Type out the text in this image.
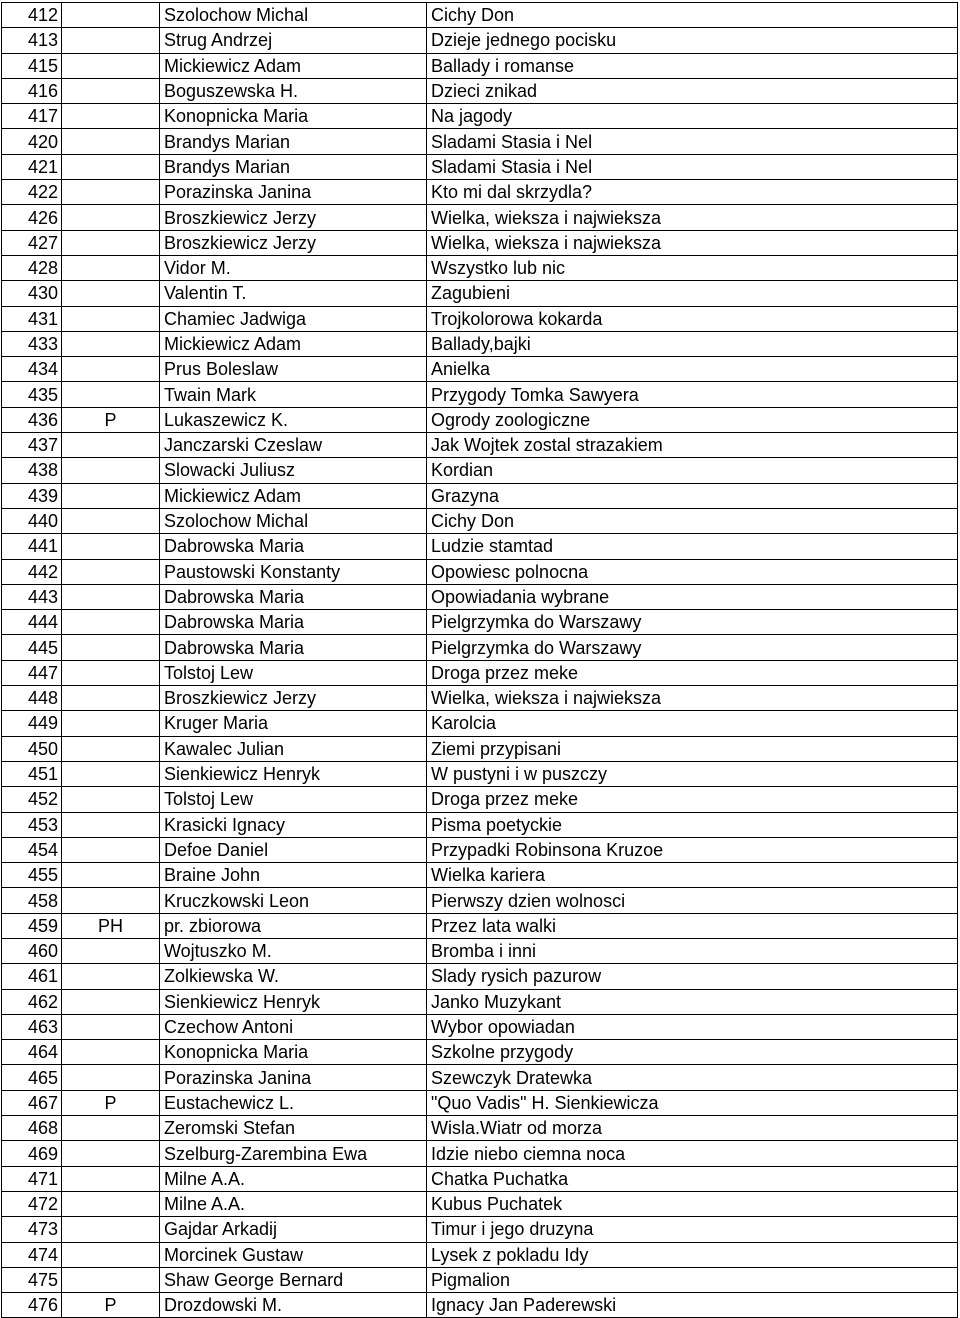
412		Szolochow Michal	Cichy Don
413		Strug Andrzej	Dzieje jednego pocisku
415		Mickiewicz Adam	Ballady i romanse
416		Boguszewska H.	Dzieci znikad
417		Konopnicka Maria	Na jagody
420		Brandys Marian	Sladami Stasia i Nel
421		Brandys Marian	Sladami Stasia i Nel
422		Porazinska Janina	Kto mi dal skrzydla?
426		Broszkiewicz Jerzy	Wielka, wieksza i najwieksza
427		Broszkiewicz Jerzy	Wielka, wieksza i najwieksza
428		Vidor M.	Wszystko lub nic
430		Valentin T.	Zagubieni
431		Chamiec Jadwiga	Trojkolorowa kokarda
433		Mickiewicz Adam	Ballady,bajki
434		Prus Boleslaw	Anielka
435		Twain Mark	Przygody Tomka Sawyera
436	P	Lukaszewicz K.	Ogrody zoologiczne
437		Janczarski Czeslaw	Jak Wojtek zostal strazakiem
438		Slowacki Juliusz	Kordian
439		Mickiewicz Adam	Grazyna
440		Szolochow Michal	Cichy Don
441		Dabrowska Maria	Ludzie stamtad
442		Paustowski Konstanty	Opowiesc polnocna
443		Dabrowska Maria	Opowiadania wybrane
444		Dabrowska Maria	Pielgrzymka do Warszawy
445		Dabrowska Maria	Pielgrzymka do Warszawy
447		Tolstoj Lew	Droga przez meke
448		Broszkiewicz Jerzy	Wielka, wieksza i najwieksza
449		Kruger Maria	Karolcia
450		Kawalec Julian	Ziemi przypisani
451		Sienkiewicz Henryk	W pustyni i w puszczy
452		Tolstoj Lew	Droga przez meke
453		Krasicki Ignacy	Pisma poetyckie
454		Defoe Daniel	Przypadki Robinsona Kruzoe
455		Braine John	Wielka kariera
458		Kruczkowski Leon	Pierwszy dzien wolnosci
459	PH	pr. zbiorowa	Przez lata walki
460		Wojtuszko M.	Bromba i inni
461		Zolkiewska W.	Slady rysich pazurow
462		Sienkiewicz Henryk	Janko Muzykant
463		Czechow Antoni	Wybor opowiadan
464		Konopnicka Maria	Szkolne przygody
465		Porazinska Janina	Szewczyk Dratewka
467	P	Eustachewicz L.	"Quo Vadis" H. Sienkiewicza
468		Zeromski Stefan	Wisla.Wiatr od morza
469		Szelburg-Zarembina Ewa	Idzie niebo ciemna noca
471		Milne A.A.	Chatka Puchatka
472		Milne A.A.	Kubus Puchatek
473		Gajdar Arkadij	Timur i jego druzyna
474		Morcinek Gustaw	Lysek z pokladu Idy
475		Shaw George Bernard	Pigmalion
476	P	Drozdowski M.	Ignacy Jan Paderewski
